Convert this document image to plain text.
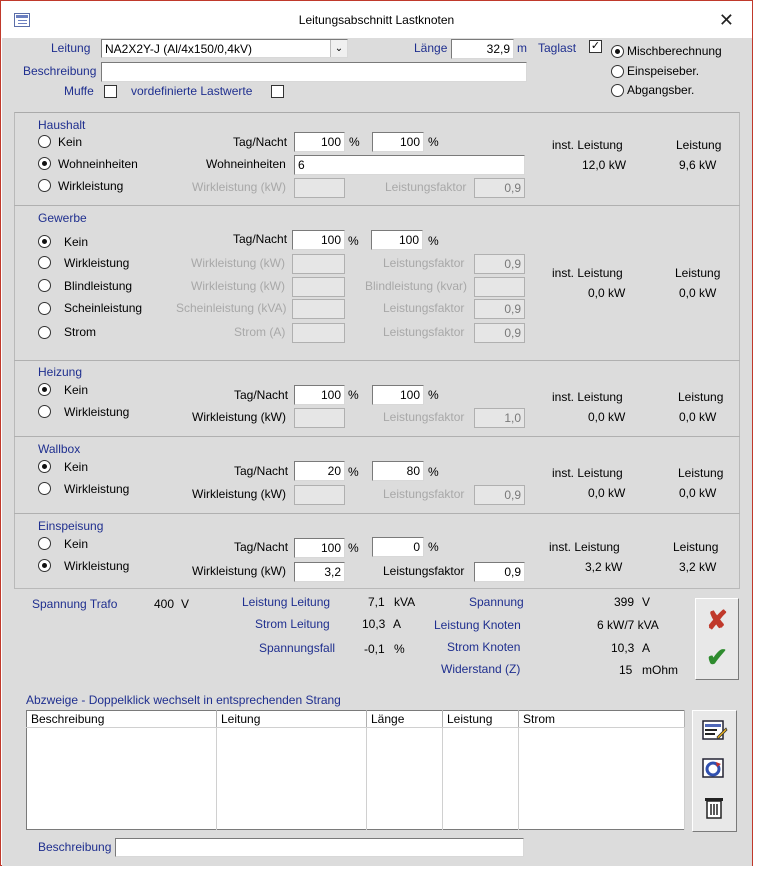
Leitungsabschnitt Lastknoten	✕
Leitung	NA2X2Y-J (Al/4x150/0,4kV)	⌄	Länge	32,9 m Taglast ✓ Mischberechnung
Einspeiseber.
Abgangsber.
Beschreibung
Muffe	vordefinierte Lastwerte
Haushalt
Kein
Wohneinheiten
Wirkleistung
Tag/Nacht	100 %	100 %
Wohneinheiten	6
Wirkleistung (kW)	Leistungsfaktor	0,9
inst. Leistung
12,0 kW
Leistung
9,6 kW
Gewerbe
Kein
Wirkleistung
Blindleistung
Scheinleistung
Strom
Tag/Nacht	100 %	100 %
Wirkleistung (kW)	Leistungsfaktor	0,9
Wirkleistung (kW)	Blindleistung (kvar)
Scheinleistung (kVA)	Leistungsfaktor	0,9
Strom (A)	Leistungsfaktor	0,9
inst. Leistung
0,0 kW
Leistung
0,0 kW
Heizung
Kein
Wirkleistung
Tag/Nacht	100 %	100 %
Wirkleistung (kW)	Leistungsfaktor	1,0
inst. Leistung
0,0 kW
Leistung
0,0 kW
Wallbox
Kein
Wirkleistung
Tag/Nacht	20 %	80 %
Wirkleistung (kW)	Leistungsfaktor	0,9
inst. Leistung
0,0 kW
Leistung
0,0 kW
Einspeisung
Kein
Wirkleistung
Tag/Nacht	100 %	0 %
Wirkleistung (kW)	3,2	Leistungsfaktor	0,9
inst. Leistung
3,2 kW
Leistung
3,2 kW
Spannung Trafo	400 V	Leistung Leitung	7,1 kVA
Strom Leitung	10,3 A
Spannungsfall -0,1 %
Spannung	399 V
Leistung Knoten	6 kW/7 kVA
Strom Knoten	10,3 A
Widerstand (Z)	15 mOhm
✘
✔
Abzweige - Doppelklick wechselt in entsprechenden Strang
Beschreibung	Leitung	Länge	Leistung	Strom

Beschreibung
